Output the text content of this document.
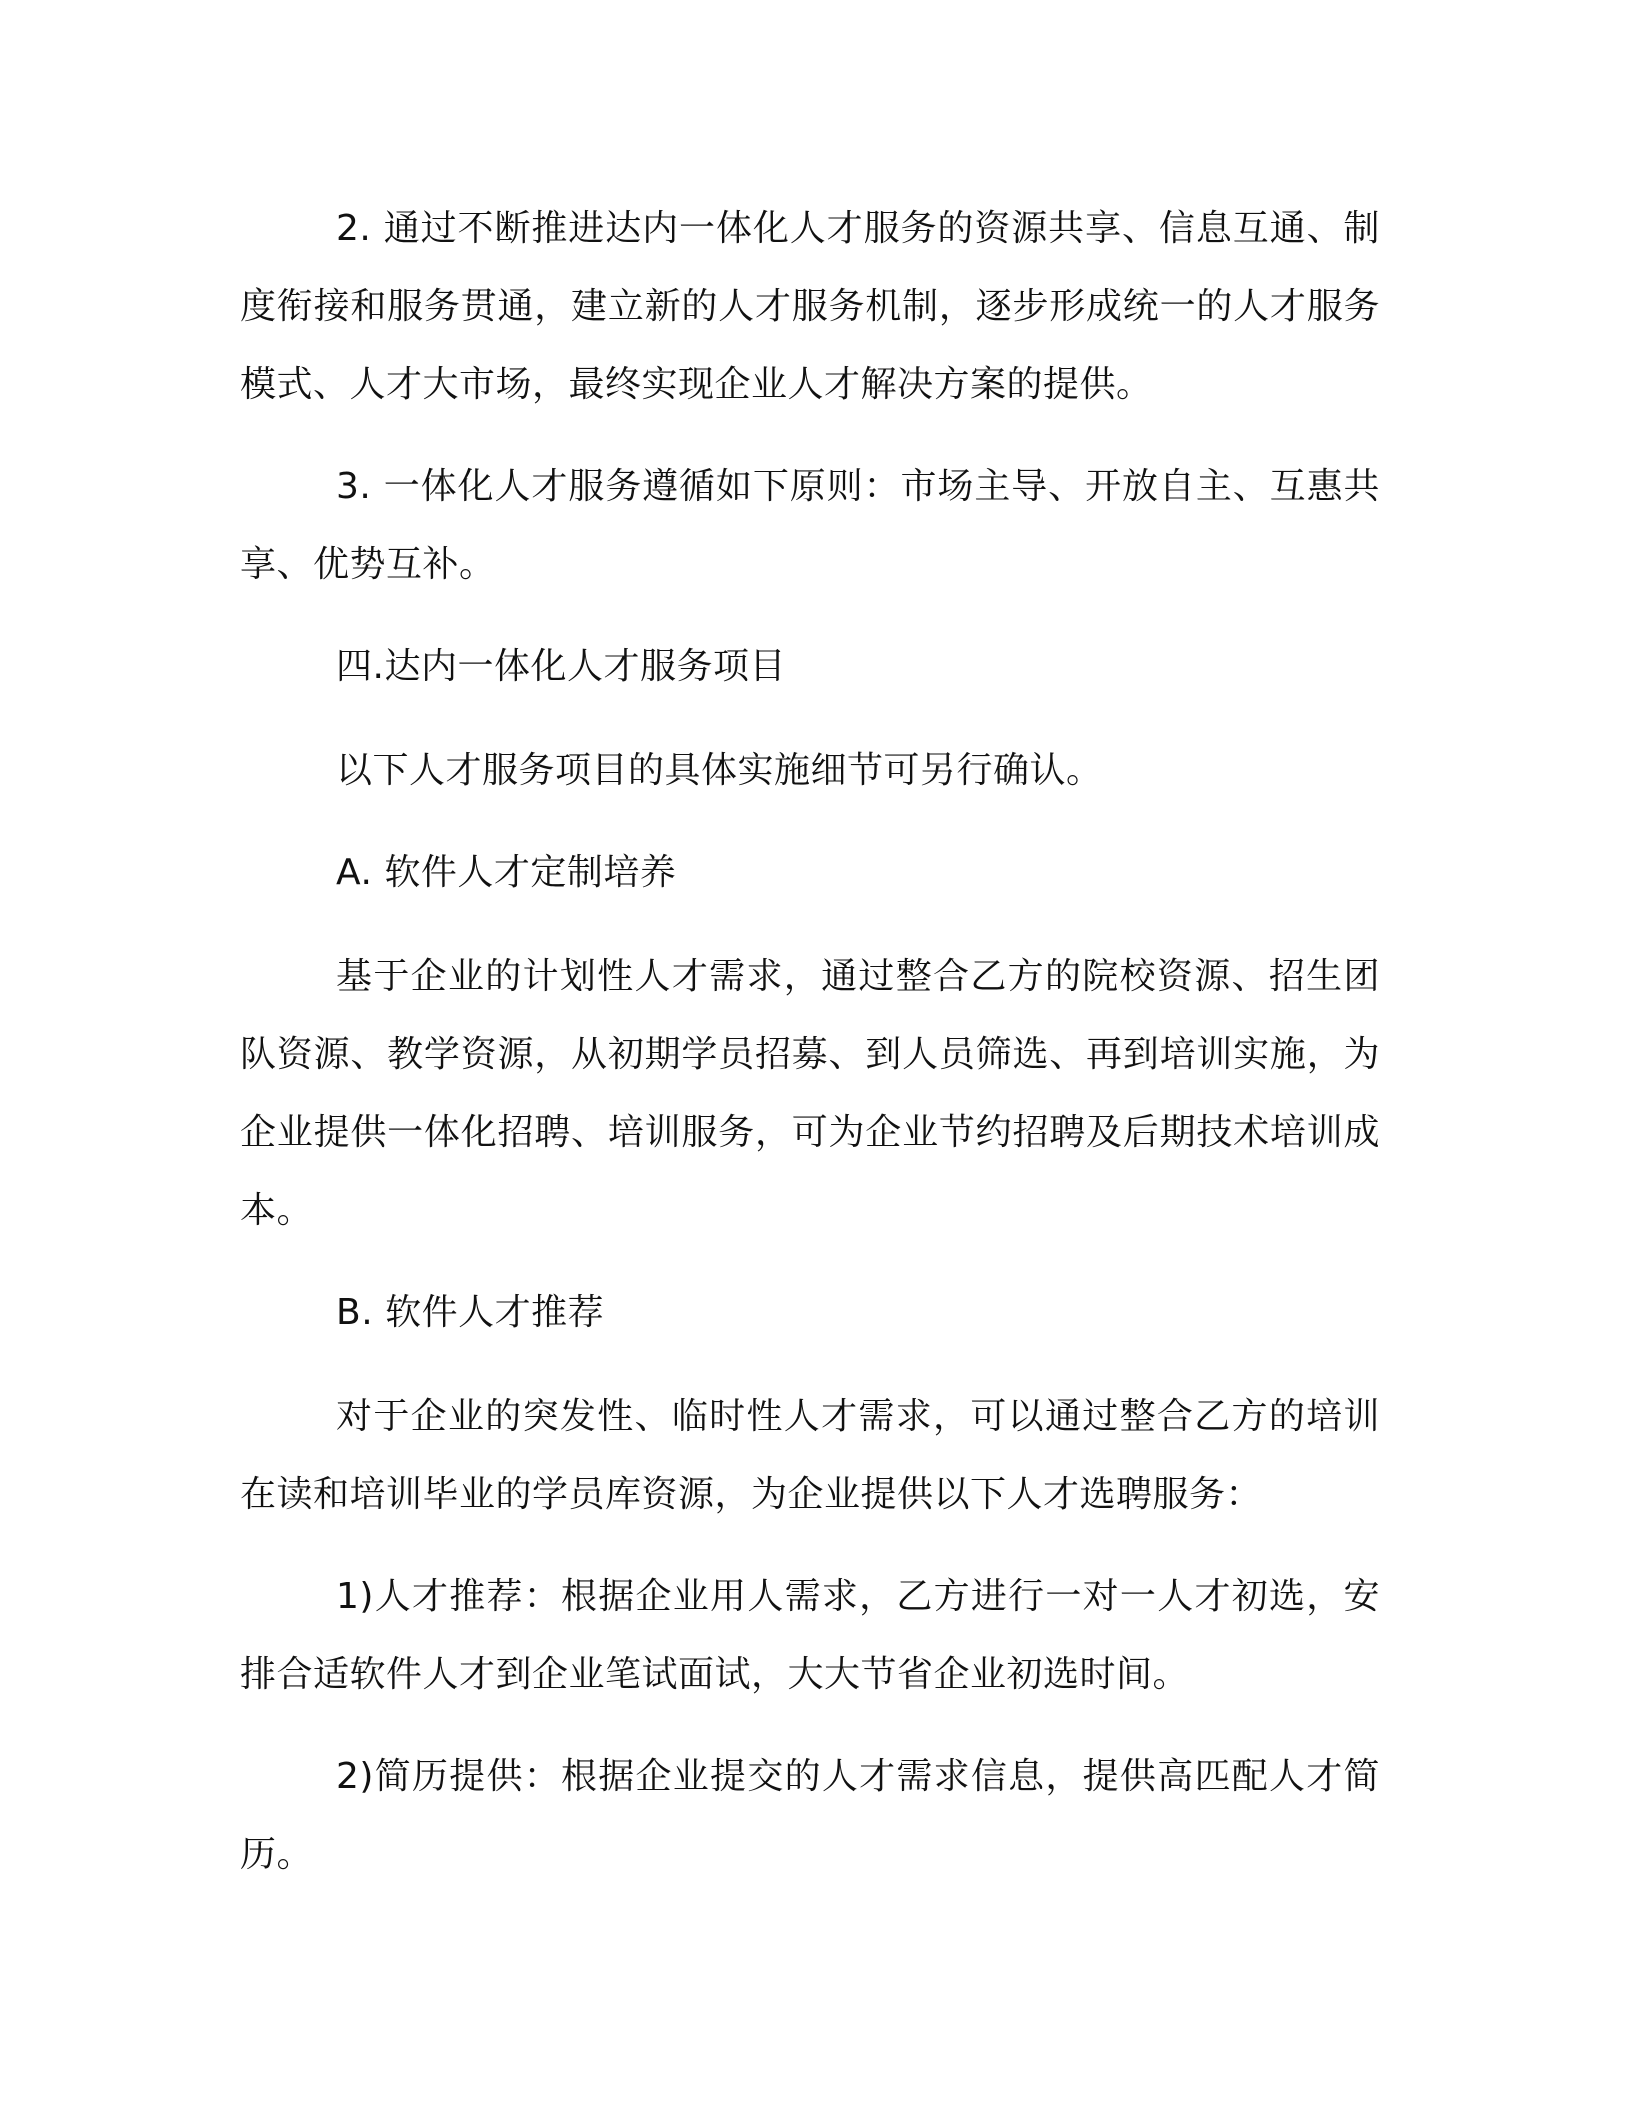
2. 通过不断推进达内一体化人才服务的资源共享、信息互通、制度衔接和服务贯通，建立新的人才服务机制，逐步形成统一的人才服务模式、人才大市场，最终实现企业人才解决方案的提供。

3. 一体化人才服务遵循如下原则：市场主导、开放自主、互惠共享、优势互补。

四.达内一体化人才服务项目

以下人才服务项目的具体实施细节可另行确认。

A. 软件人才定制培养

基于企业的计划性人才需求，通过整合乙方的院校资源、招生团队资源、教学资源，从初期学员招募、到人员筛选、再到培训实施，为企业提供一体化招聘、培训服务，可为企业节约招聘及后期技术培训成本。

B. 软件人才推荐

对于企业的突发性、临时性人才需求，可以通过整合乙方的培训在读和培训毕业的学员库资源，为企业提供以下人才选聘服务：

1)人才推荐：根据企业用人需求，乙方进行一对一人才初选，安排合适软件人才到企业笔试面试，大大节省企业初选时间。

2)简历提供：根据企业提交的人才需求信息，提供高匹配人才简历。
